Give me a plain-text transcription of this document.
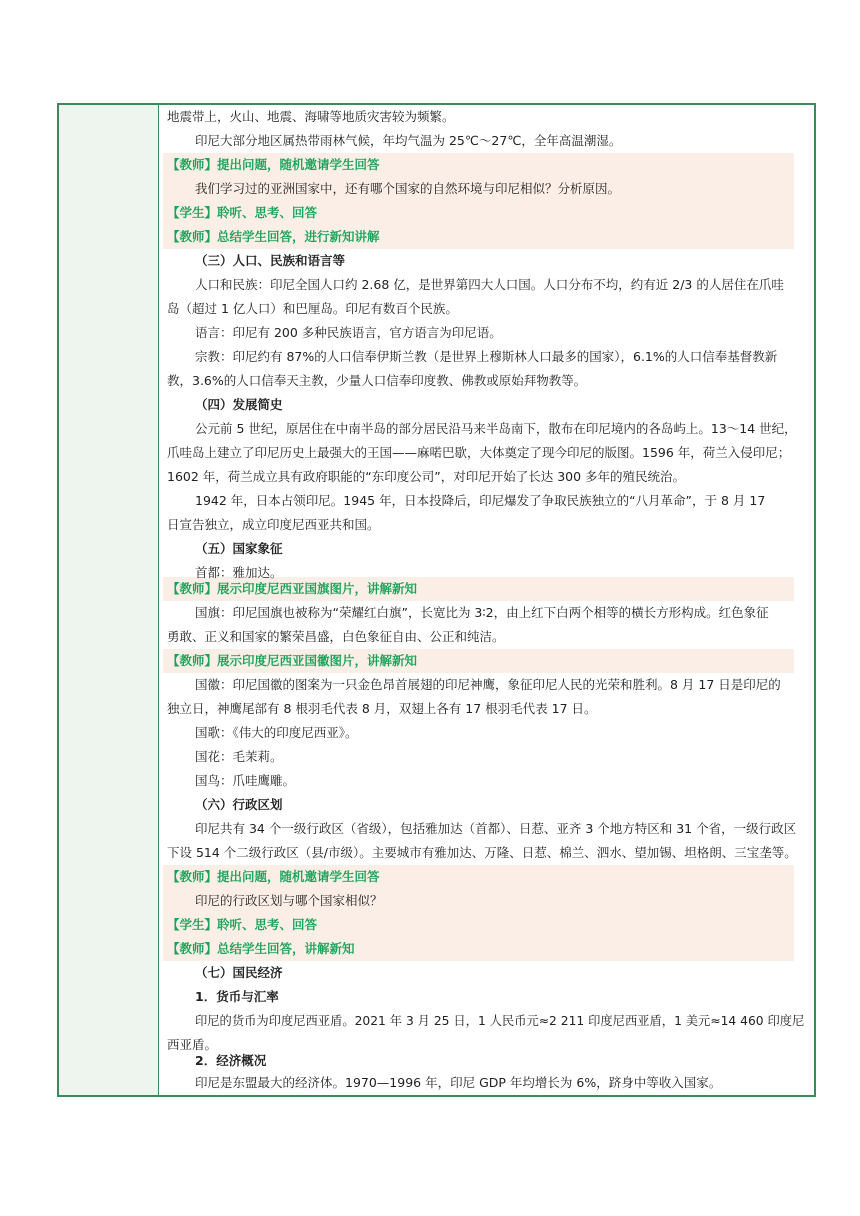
地震带上，火山、地震、海啸等地质灾害较为频繁。
印尼大部分地区属热带雨林气候，年均气温为 25℃～27℃，全年高温潮湿。
【教师】提出问题，随机邀请学生回答
我们学习过的亚洲国家中，还有哪个国家的自然环境与印尼相似？分析原因。
【学生】聆听、思考、回答
【教师】总结学生回答，进行新知讲解
（三）人口、民族和语言等
人口和民族：印尼全国人口约 2.68 亿，是世界第四大人口国。人口分布不均，约有近 2/3 的人居住在爪哇
岛（超过 1 亿人口）和巴厘岛。印尼有数百个民族。
语言：印尼有 200 多种民族语言，官方语言为印尼语。
宗教：印尼约有 87%的人口信奉伊斯兰教（是世界上穆斯林人口最多的国家），6.1%的人口信奉基督教新
教，3.6%的人口信奉天主教，少量人口信奉印度教、佛教或原始拜物教等。
（四）发展简史
公元前 5 世纪，原居住在中南半岛的部分居民沿马来半岛南下，散布在印尼境内的各岛屿上。13～14 世纪，
爪哇岛上建立了印尼历史上最强大的王国——麻喏巴歇，大体奠定了现今印尼的版图。1596 年，荷兰入侵印尼；
1602 年，荷兰成立具有政府职能的“东印度公司”，对印尼开始了长达 300 多年的殖民统治。
1942 年，日本占领印尼。1945 年，日本投降后，印尼爆发了争取民族独立的“八月革命”，于 8 月 17
日宣告独立，成立印度尼西亚共和国。
（五）国家象征
首都：雅加达。
【教师】展示印度尼西亚国旗图片，讲解新知
国旗：印尼国旗也被称为“荣耀红白旗”，长宽比为 3∶2，由上红下白两个相等的横长方形构成。红色象征
勇敢、正义和国家的繁荣昌盛，白色象征自由、公正和纯洁。
【教师】展示印度尼西亚国徽图片，讲解新知
国徽：印尼国徽的图案为一只金色昂首展翅的印尼神鹰，象征印尼人民的光荣和胜利。8 月 17 日是印尼的
独立日，神鹰尾部有 8 根羽毛代表 8 月，双翅上各有 17 根羽毛代表 17 日。
国歌：《伟大的印度尼西亚》。
国花：毛茉莉。
国鸟：爪哇鹰雕。
（六）行政区划
印尼共有 34 个一级行政区（省级），包括雅加达（首都）、日惹、亚齐 3 个地方特区和 31 个省，一级行政区
下设 514 个二级行政区（县/市级）。主要城市有雅加达、万隆、日惹、棉兰、泗水、望加锡、坦格朗、三宝垄等。
【教师】提出问题，随机邀请学生回答
印尼的行政区划与哪个国家相似？
【学生】聆听、思考、回答
【教师】总结学生回答，讲解新知
（七）国民经济
1．货币与汇率
印尼的货币为印度尼西亚盾。2021 年 3 月 25 日，1 人民币元≈2 211 印度尼西亚盾，1 美元≈14 460 印度尼
西亚盾。
2．经济概况
印尼是东盟最大的经济体。1970—1996 年，印尼 GDP 年均增长为 6%，跻身中等收入国家。
